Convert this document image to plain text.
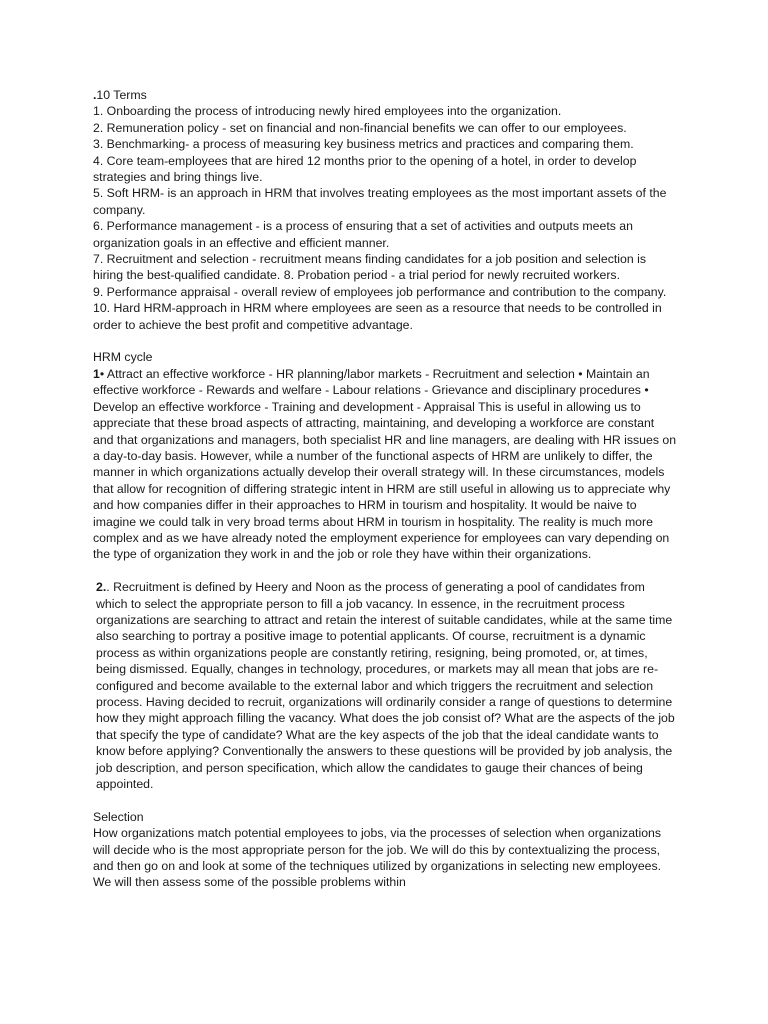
.10 Terms

1. Onboarding the process of introducing newly hired employees into the organization.

2. Remuneration policy - set on financial and non-financial benefits we can offer to our employees.

3. Benchmarking- a process of measuring key business metrics and practices and comparing them.

4. Core team-employees that are hired 12 months prior to the opening of a hotel, in order to develop strategies and bring things live.

5. Soft HRM- is an approach in HRM that involves treating employees as the most important assets of the company.

6. Performance management - is a process of ensuring that a set of activities and outputs meets an organization goals in an effective and efficient manner.

7. Recruitment and selection - recruitment means finding candidates for a job position and selection is hiring the best-qualified candidate. 8. Probation period - a trial period for newly recruited workers.

9. Performance appraisal - overall review of employees job performance and contribution to the company.

10. Hard HRM-approach in HRM where employees are seen as a resource that needs to be controlled in order to achieve the best profit and competitive advantage.

HRM cycle

1• Attract an effective workforce - HR planning/labor markets - Recruitment and selection • Maintain an effective workforce - Rewards and welfare - Labour relations - Grievance and disciplinary procedures • Develop an effective workforce - Training and development - Appraisal This is useful in allowing us to appreciate that these broad aspects of attracting, maintaining, and developing a workforce are constant and that organizations and managers, both specialist HR and line managers, are dealing with HR issues on a day-to-day basis. However, while a number of the functional aspects of HRM are unlikely to differ, the manner in which organizations actually develop their overall strategy will. In these circumstances, models that allow for recognition of differing strategic intent in HRM are still useful in allowing us to appreciate why and how companies differ in their approaches to HRM in tourism and hospitality. It would be naive to imagine we could talk in very broad terms about HRM in tourism in hospitality. The reality is much more complex and as we have already noted the employment experience for employees can vary depending on the type of organization they work in and the job or role they have within their organizations.

2.. Recruitment is defined by Heery and Noon as the process of generating a pool of candidates from which to select the appropriate person to fill a job vacancy. In essence, in the recruitment process organizations are searching to attract and retain the interest of suitable candidates, while at the same time also searching to portray a positive image to potential applicants. Of course, recruitment is a dynamic process as within organizations people are constantly retiring, resigning, being promoted, or, at times, being dismissed. Equally, changes in technology, procedures, or markets may all mean that jobs are re-configured and become available to the external labor and which triggers the recruitment and selection process. Having decided to recruit, organizations will ordinarily consider a range of questions to determine how they might approach filling the vacancy. What does the job consist of? What are the aspects of the job that specify the type of candidate? What are the key aspects of the job that the ideal candidate wants to know before applying? Conventionally the answers to these questions will be provided by job analysis, the job description, and person specification, which allow the candidates to gauge their chances of being appointed.

Selection

How organizations match potential employees to jobs, via the processes of selection when organizations will decide who is the most appropriate person for the job. We will do this by contextualizing the process, and then go on and look at some of the techniques utilized by organizations in selecting new employees. We will then assess some of the possible problems within
